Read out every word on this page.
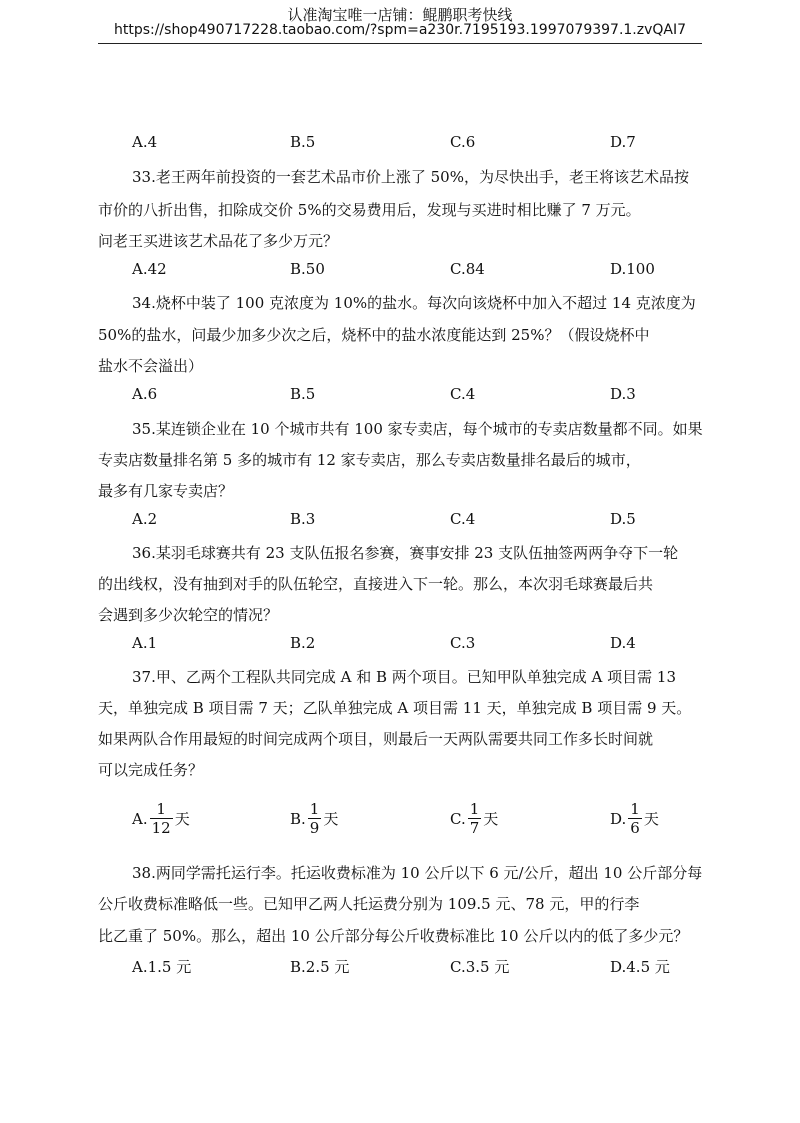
认准淘宝唯一店铺：鲲鹏职考快线
https://shop490717228.taobao.com/?spm=a230r.7195193.1997079397.1.zvQAI7
A.4	B.5	C.6	D.7
33.老王两年前投资的一套艺术品市价上涨了 50%，为尽快出手，老王将该艺术品按
市价的八折出售，扣除成交价 5%的交易费用后，发现与买进时相比赚了 7 万元。
问老王买进该艺术品花了多少万元？
A.42	B.50	C.84	D.100
34.烧杯中装了 100 克浓度为 10%的盐水。每次向该烧杯中加入不超过 14 克浓度为
50%的盐水，问最少加多少次之后，烧杯中的盐水浓度能达到 25%？（假设烧杯中
盐水不会溢出）
A.6	B.5	C.4	D.3
35.某连锁企业在 10 个城市共有 100 家专卖店，每个城市的专卖店数量都不同。如果
专卖店数量排名第 5 多的城市有 12 家专卖店，那么专卖店数量排名最后的城市，
最多有几家专卖店？
A.2	B.3	C.4	D.5
36.某羽毛球赛共有 23 支队伍报名参赛，赛事安排 23 支队伍抽签两两争夺下一轮
的出线权，没有抽到对手的队伍轮空，直接进入下一轮。那么，本次羽毛球赛最后共
会遇到多少次轮空的情况？
A.1	B.2	C.3	D.4
37.甲、乙两个工程队共同完成 A 和 B 两个项目。已知甲队单独完成 A 项目需 13
天，单独完成 B 项目需 7 天；乙队单独完成 A 项目需 11 天，单独完成 B 项目需 9 天。
如果两队合作用最短的时间完成两个项目，则最后一天两队需要共同工作多长时间就
可以完成任务？
A. $\frac{1}{12}$ 天	B. $\frac{1}{9}$ 天	C. $\frac{1}{7}$ 天	D. $\frac{1}{6}$ 天
38.两同学需托运行李。托运收费标准为 10 公斤以下 6 元/公斤，超出 10 公斤部分每
公斤收费标准略低一些。已知甲乙两人托运费分别为 109.5 元、78 元，甲的行李
比乙重了 50%。那么，超出 10 公斤部分每公斤收费标准比 10 公斤以内的低了多少元？
A.1.5 元	B.2.5 元	C.3.5 元	D.4.5 元
